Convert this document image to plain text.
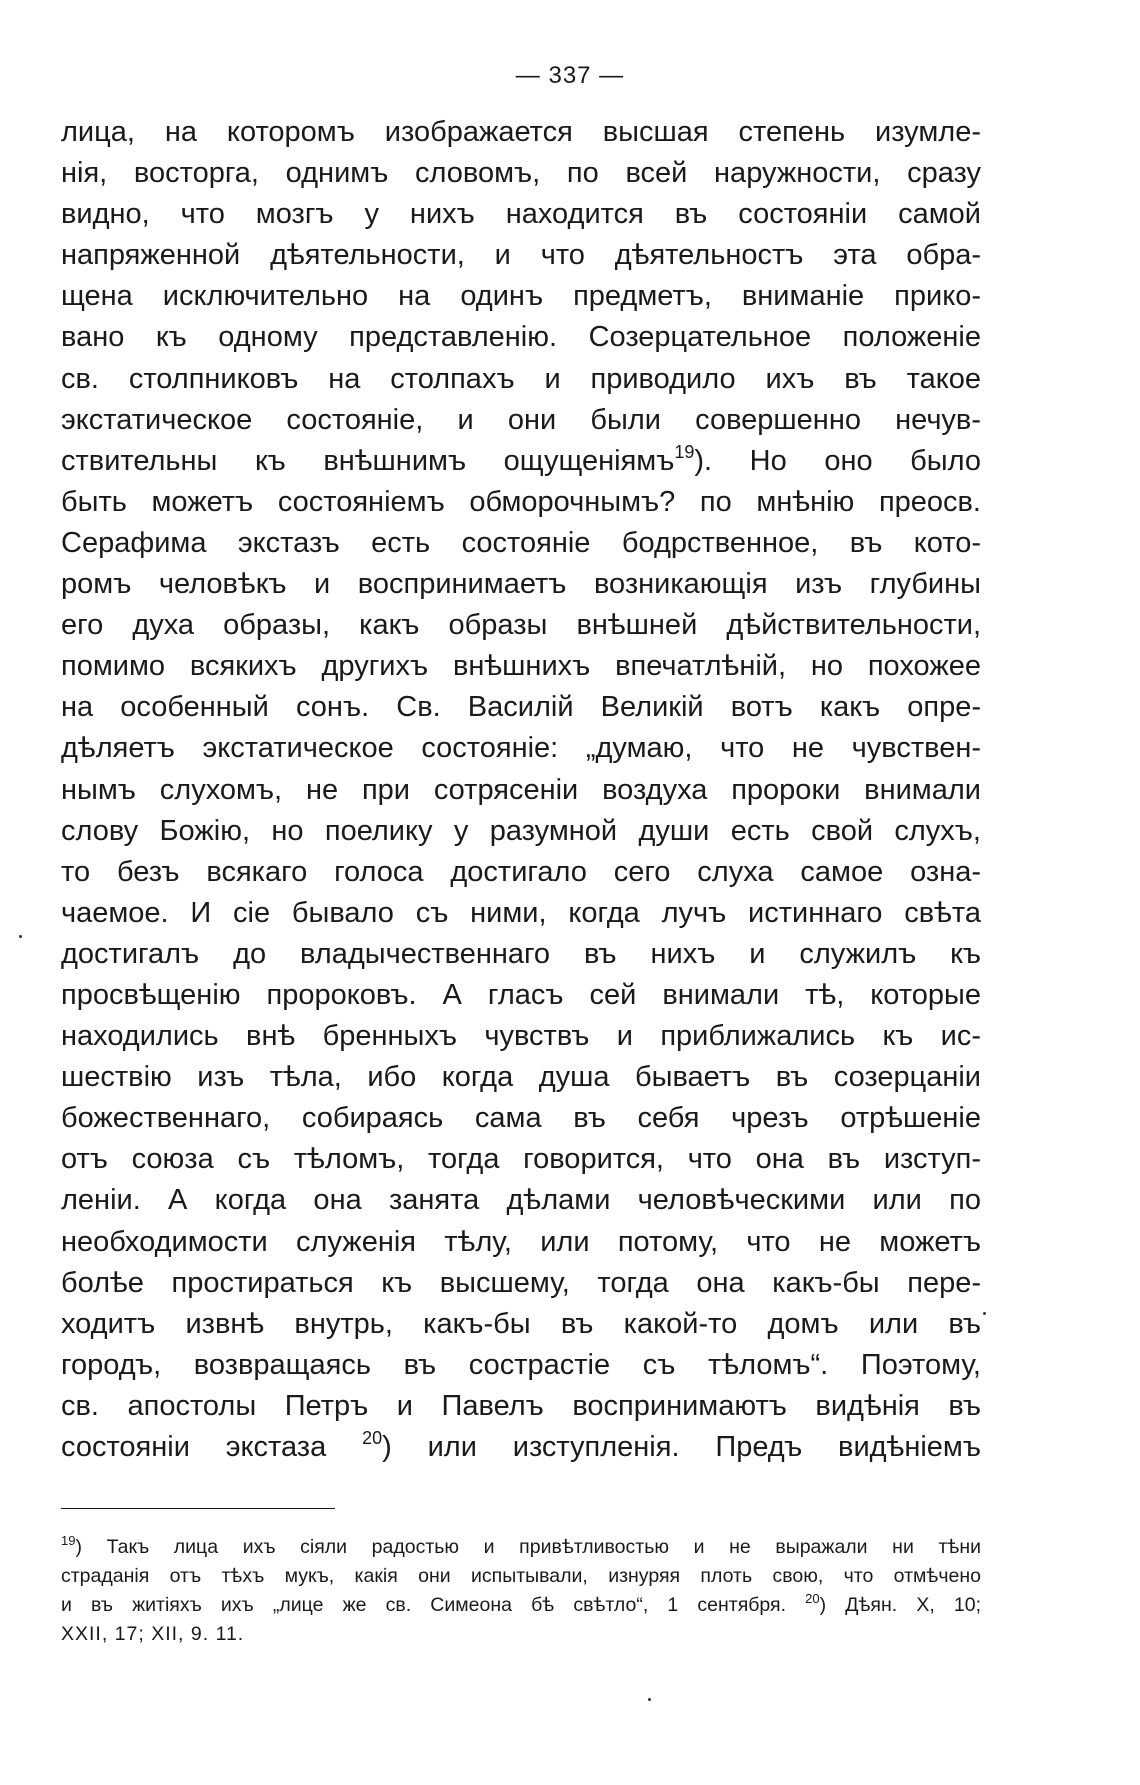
— 337 —
лица, на которомъ изображается высшая степень изумле-
нія, восторга, однимъ словомъ, по всей наружности, сразу
видно, что мозгъ у нихъ находится въ состояніи самой
напряженной дѣятельности, и что дѣятельностъ эта обра-
щена исключительно на одинъ предметъ, вниманіе прико-
вано къ одному представленію. Созерцательное положеніе
св. столпниковъ на столпахъ и приводило ихъ въ такое
экстатическое состояніе, и они были совершенно нечув-
ствительны къ внѣшнимъ ощущеніямъ$^{19}$). Но оно было
быть можетъ состояніемъ обморочнымъ? по мнѣнію преосв.
Серафима экстазъ есть состояніе бодрственное, въ кото-
ромъ человѣкъ и воспринимаетъ возникающія изъ глубины
его духа образы, какъ образы внѣшней дѣйствительности,
помимо всякихъ другихъ внѣшнихъ впечатлѣній, но похожее
на особенный сонъ. Св. Василій Великій вотъ какъ опре-
дѣляетъ экстатическое состояніе: „думаю, что не чувствен-
нымъ слухомъ, не при сотрясеніи воздуха пророки внимали
слову Божію, но поелику у разумной души есть свой слухъ,
то безъ всякаго голоса достигало сего слуха самое озна-
чаемое. И сіе бывало съ ними, когда лучъ истиннаго свѣта
достигалъ до владычественнаго въ нихъ и служилъ къ
просвѣщенію пророковъ. А гласъ сей внимали тѣ, которые
находились внѣ бренныхъ чувствъ и приближались къ ис-
шествію изъ тѣла, ибо когда душа бываетъ въ созерцаніи
божественнаго, собираясь сама въ себя чрезъ отрѣшеніе
отъ союза съ тѣломъ, тогда говорится, что она въ изступ-
леніи. А когда она занята дѣлами человѣческими или по
необходимости служенія тѣлу, или потому, что не можетъ
болѣе простираться къ высшему, тогда она какъ-бы пере-
ходитъ извнѣ внутрь, какъ-бы въ какой-то домъ или въ
городъ, возвращаясь въ сострастіе съ тѣломъ“. Поэтому,
св. апостолы Петръ и Павелъ воспринимаютъ видѣнія въ
состояніи экстаза $^{20}$) или изступленія. Предъ видѣніемъ
$^{19}$) Такъ лица ихъ сіяли радостью и привѣтливостью и не выражали ни тѣни
страданія отъ тѣхъ мукъ, какія они испытывали, изнуряя плоть свою, что отмѣчено
и въ житіяхъ ихъ „лице же св. Симеона бѣ свѣтло“, 1 сентября. $^{20}$) Дѣян. X, 10;
XXII, 17; XII, 9. 11.
